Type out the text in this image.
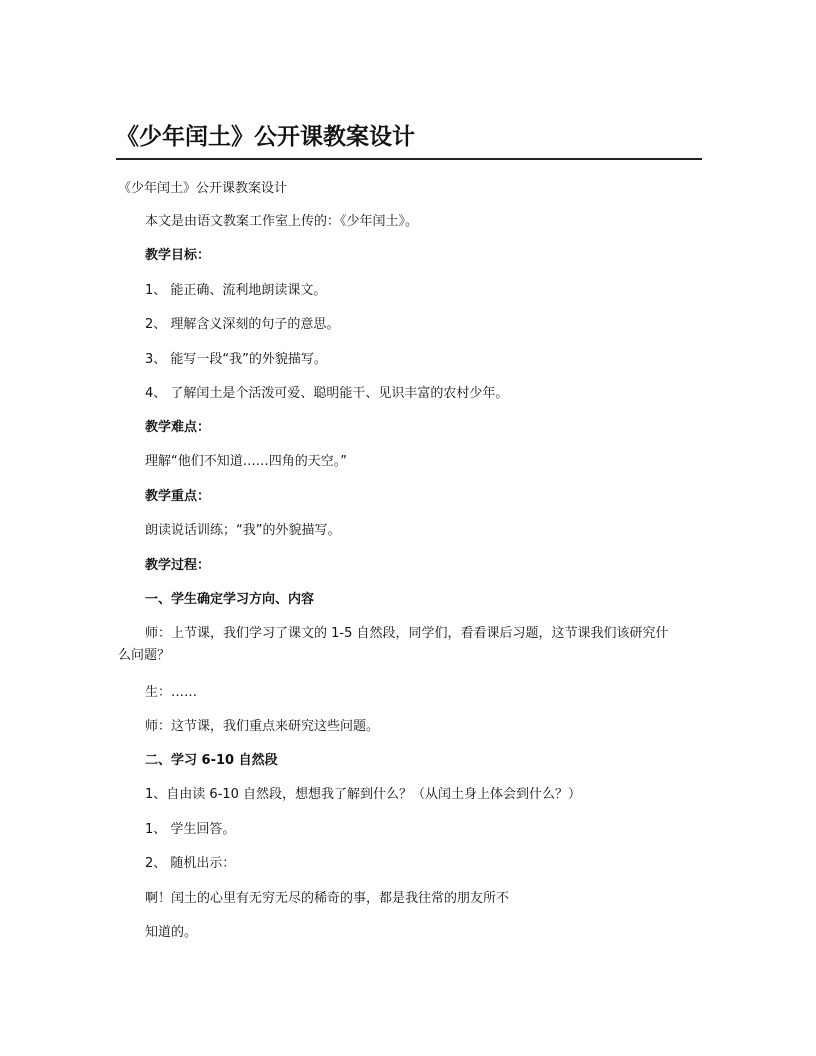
《少年闰土》公开课教案设计
《少年闰土》公开课教案设计
本文是由语文教案工作室上传的：《少年闰土》。
教学目标：
1、 能正确、流利地朗读课文。
2、 理解含义深刻的句子的意思。
3、 能写一段“我”的外貌描写。
4、 了解闰土是个活泼可爱、聪明能干、见识丰富的农村少年。
教学难点：
理解“他们不知道……四角的天空。”
教学重点：
朗读说话训练；“我”的外貌描写。
教学过程：
一、学生确定学习方向、内容
师：上节课，我们学习了课文的 1-5 自然段，同学们，看看课后习题，这节课我们该研究什么问题？
生：……
师：这节课，我们重点来研究这些问题。
二、学习 6-10 自然段
1、自由读 6-10 自然段，想想我了解到什么？（从闰土身上体会到什么？）
1、 学生回答。
2、 随机出示：
啊！闰土的心里有无穷无尽的稀奇的事，都是我往常的朋友所不
知道的。
